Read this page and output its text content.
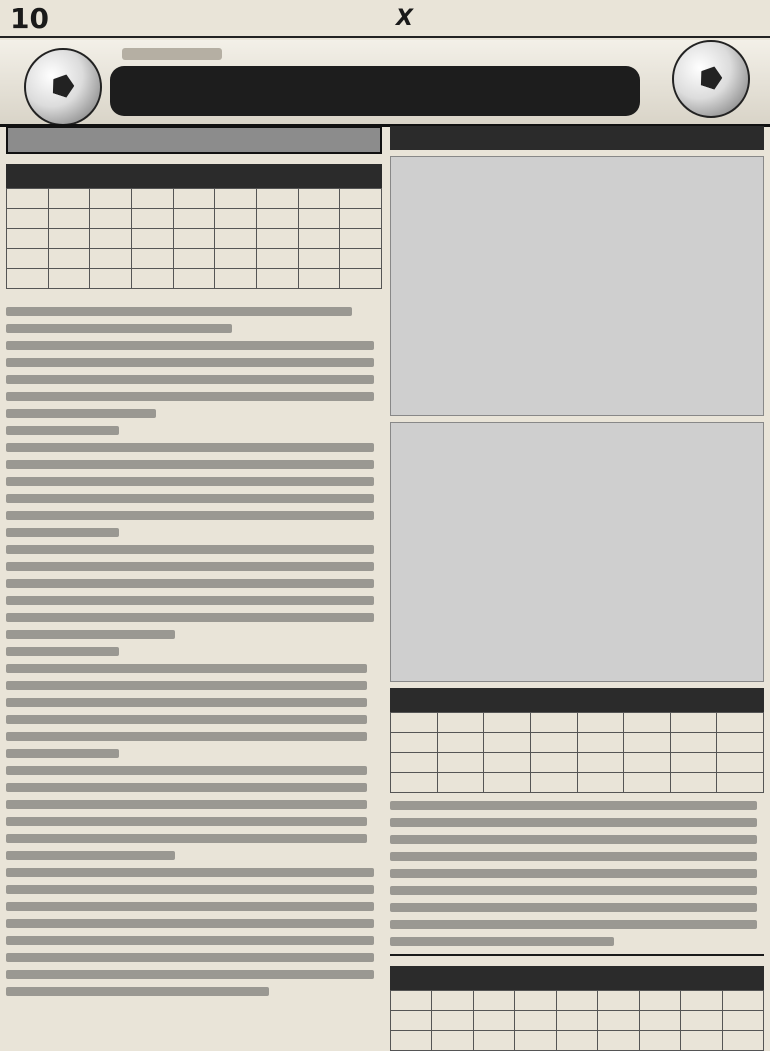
10	X
